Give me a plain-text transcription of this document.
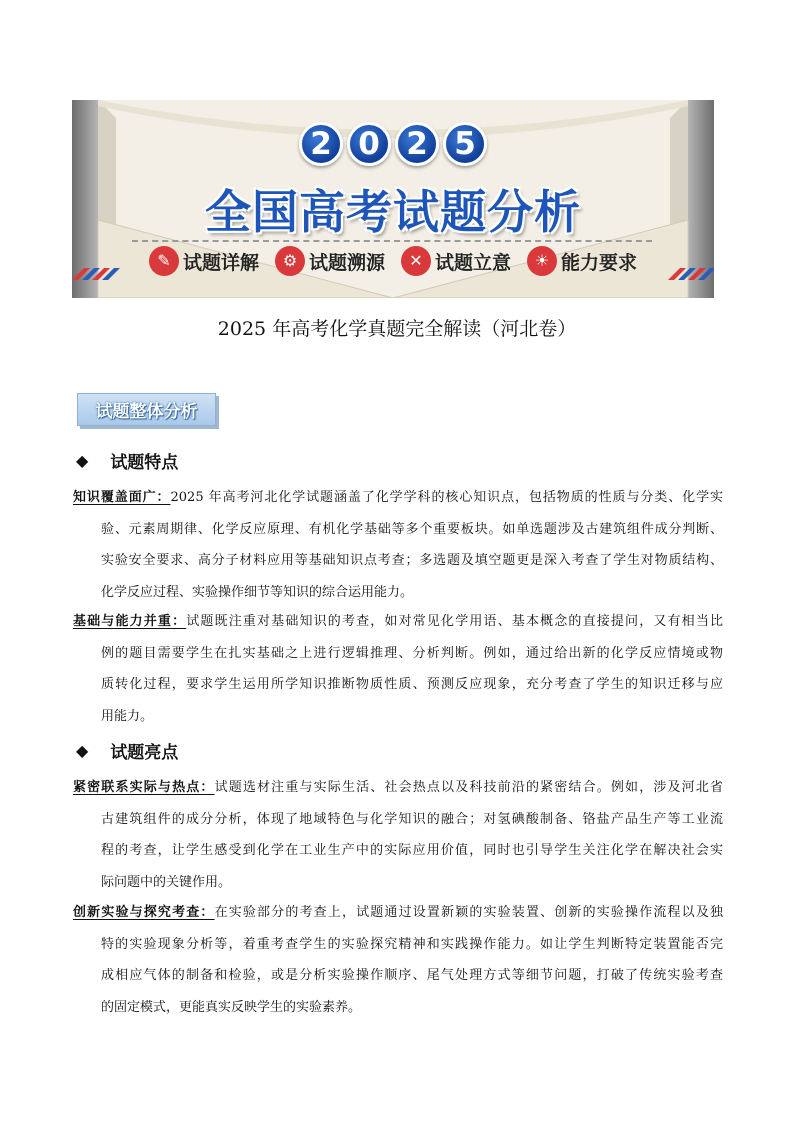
2 0 2 5
全国高考试题分析
✎ 试题详解	⚙ 试题溯源	✕ 试题立意	☀ 能力要求
2025 年高考化学真题完全解读（河北卷）
试题整体分析
◆ 试题特点
知识覆盖面广：2025 年高考河北化学试题涵盖了化学学科的核心知识点，包括物质的性质与分类、化学实
验、元素周期律、化学反应原理、有机化学基础等多个重要板块。如单选题涉及古建筑组件成分判断、
实验安全要求、高分子材料应用等基础知识点考查；多选题及填空题更是深入考查了学生对物质结构、
化学反应过程、实验操作细节等知识的综合运用能力。
基础与能力并重：试题既注重对基础知识的考查，如对常见化学用语、基本概念的直接提问，又有相当比
例的题目需要学生在扎实基础之上进行逻辑推理、分析判断。例如，通过给出新的化学反应情境或物
质转化过程，要求学生运用所学知识推断物质性质、预测反应现象，充分考查了学生的知识迁移与应
用能力。
◆ 试题亮点
紧密联系实际与热点：试题选材注重与实际生活、社会热点以及科技前沿的紧密结合。例如，涉及河北省
古建筑组件的成分分析，体现了地域特色与化学知识的融合；对氢碘酸制备、铬盐产品生产等工业流
程的考查，让学生感受到化学在工业生产中的实际应用价值，同时也引导学生关注化学在解决社会实
际问题中的关键作用。
创新实验与探究考查：在实验部分的考查上，试题通过设置新颖的实验装置、创新的实验操作流程以及独
特的实验现象分析等，着重考查学生的实验探究精神和实践操作能力。如让学生判断特定装置能否完
成相应气体的制备和检验，或是分析实验操作顺序、尾气处理方式等细节问题，打破了传统实验考查
的固定模式，更能真实反映学生的实验素养。
